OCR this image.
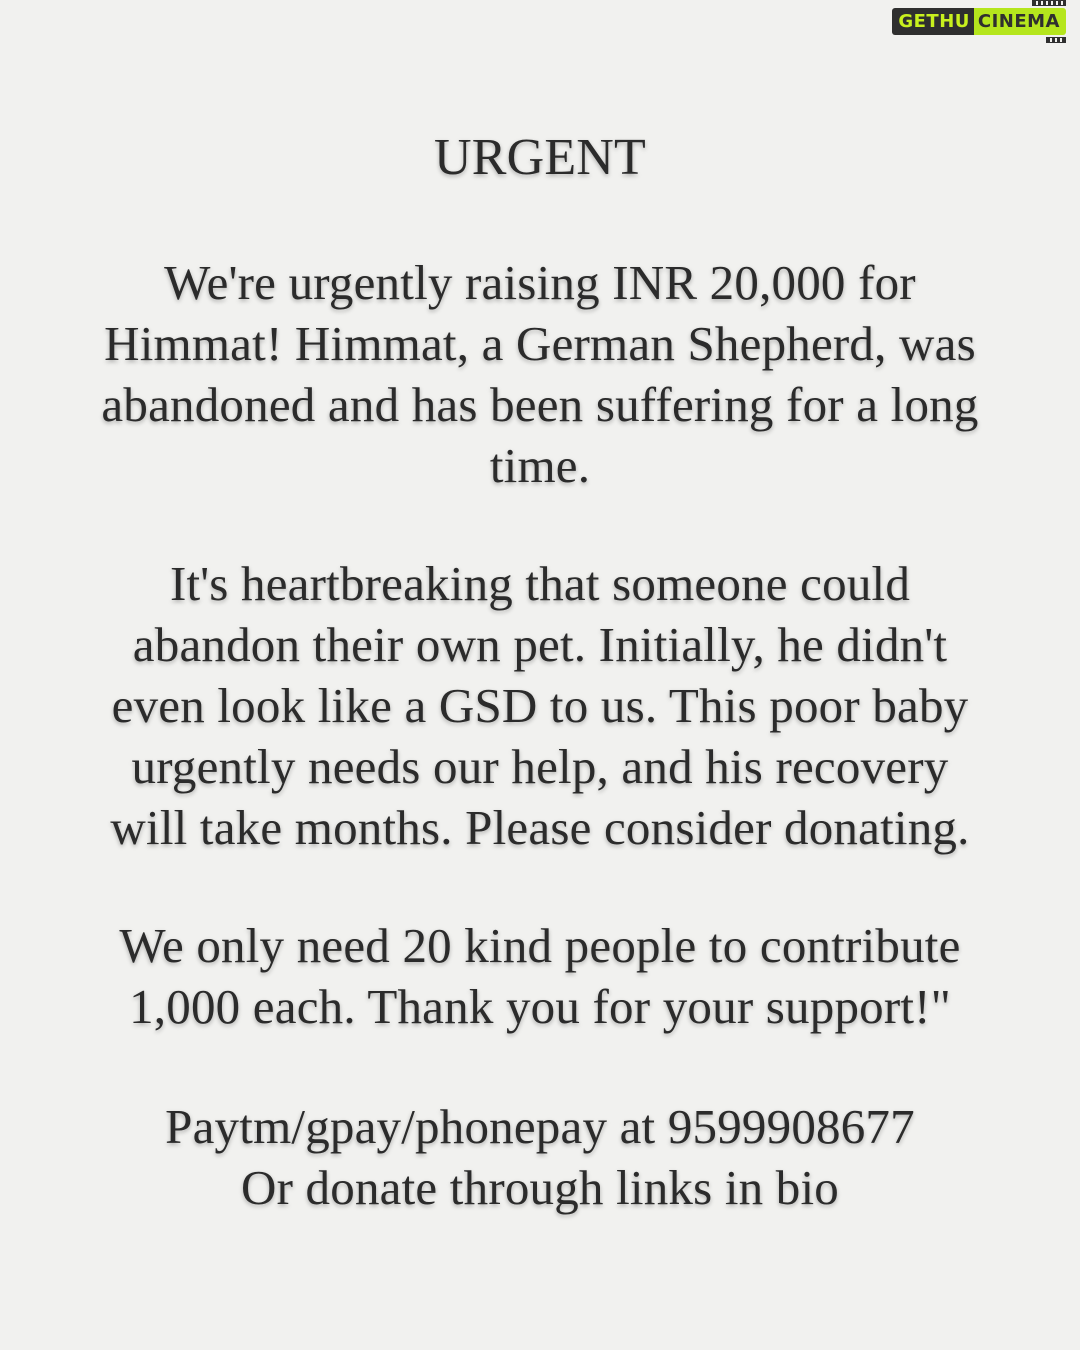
GETHU CINEMA
URGENT
We're urgently raising INR 20,000 for
Himmat! Himmat, a German Shepherd, was
abandoned and has been suffering for a long
time.
It's heartbreaking that someone could
abandon their own pet. Initially, he didn't
even look like a GSD to us. This poor baby
urgently needs our help, and his recovery
will take months. Please consider donating.
We only need 20 kind people to contribute
1,000 each. Thank you for your support!"
Paytm/gpay/phonepay at 9599908677
Or donate through links in bio
